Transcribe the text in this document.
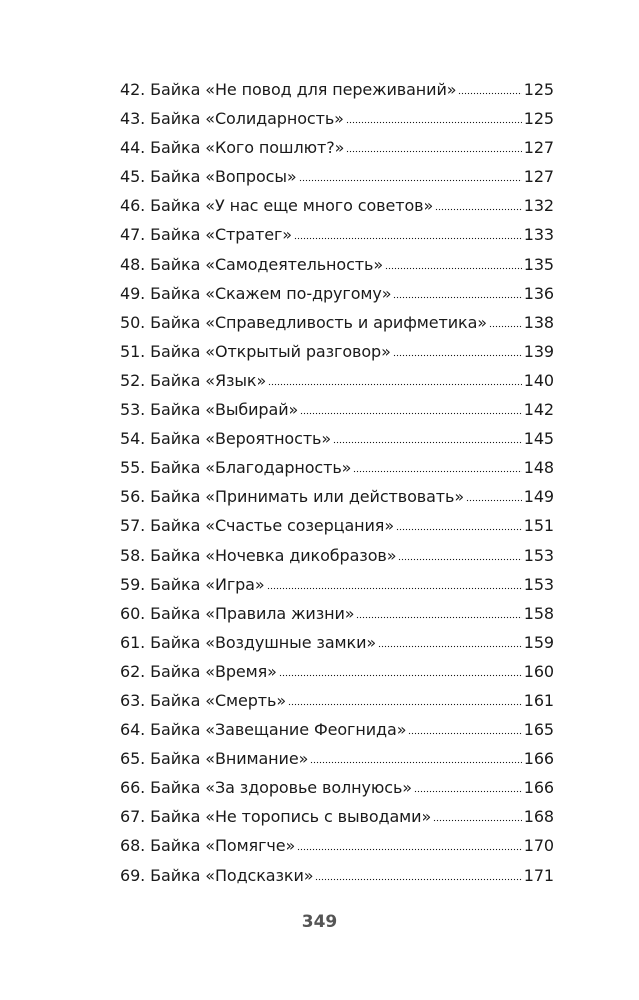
42. Байка «Не повод для переживаний»	125
43. Байка «Солидарность»	125
44. Байка «Кого пошлют?»	127
45. Байка «Вопросы»	127
46. Байка «У нас еще много советов»	132
47. Байка «Стратег»	133
48. Байка «Самодеятельность»	135
49. Байка «Скажем по-другому»	136
50. Байка «Справедливость и арифметика» 138
51. Байка «Открытый разговор»	139
52. Байка «Язык»	140
53. Байка «Выбирай»	142
54. Байка «Вероятность»	145
55. Байка «Благодарность»	148
56. Байка «Принимать или действовать»	149
57. Байка «Счастье созерцания»	151
58. Байка «Ночевка дикобразов»	153
59. Байка «Игра»	153
60. Байка «Правила жизни»	158
61. Байка «Воздушные замки»	159
62. Байка «Время»	160
63. Байка «Смерть»	161
64. Байка «Завещание Феогнида»	165
65. Байка «Внимание»	166
66. Байка «За здоровье волнуюсь»	166
67. Байка «Не торопись с выводами»	168
68. Байка «Помягче»	170
69. Байка «Подсказки»	171
349
